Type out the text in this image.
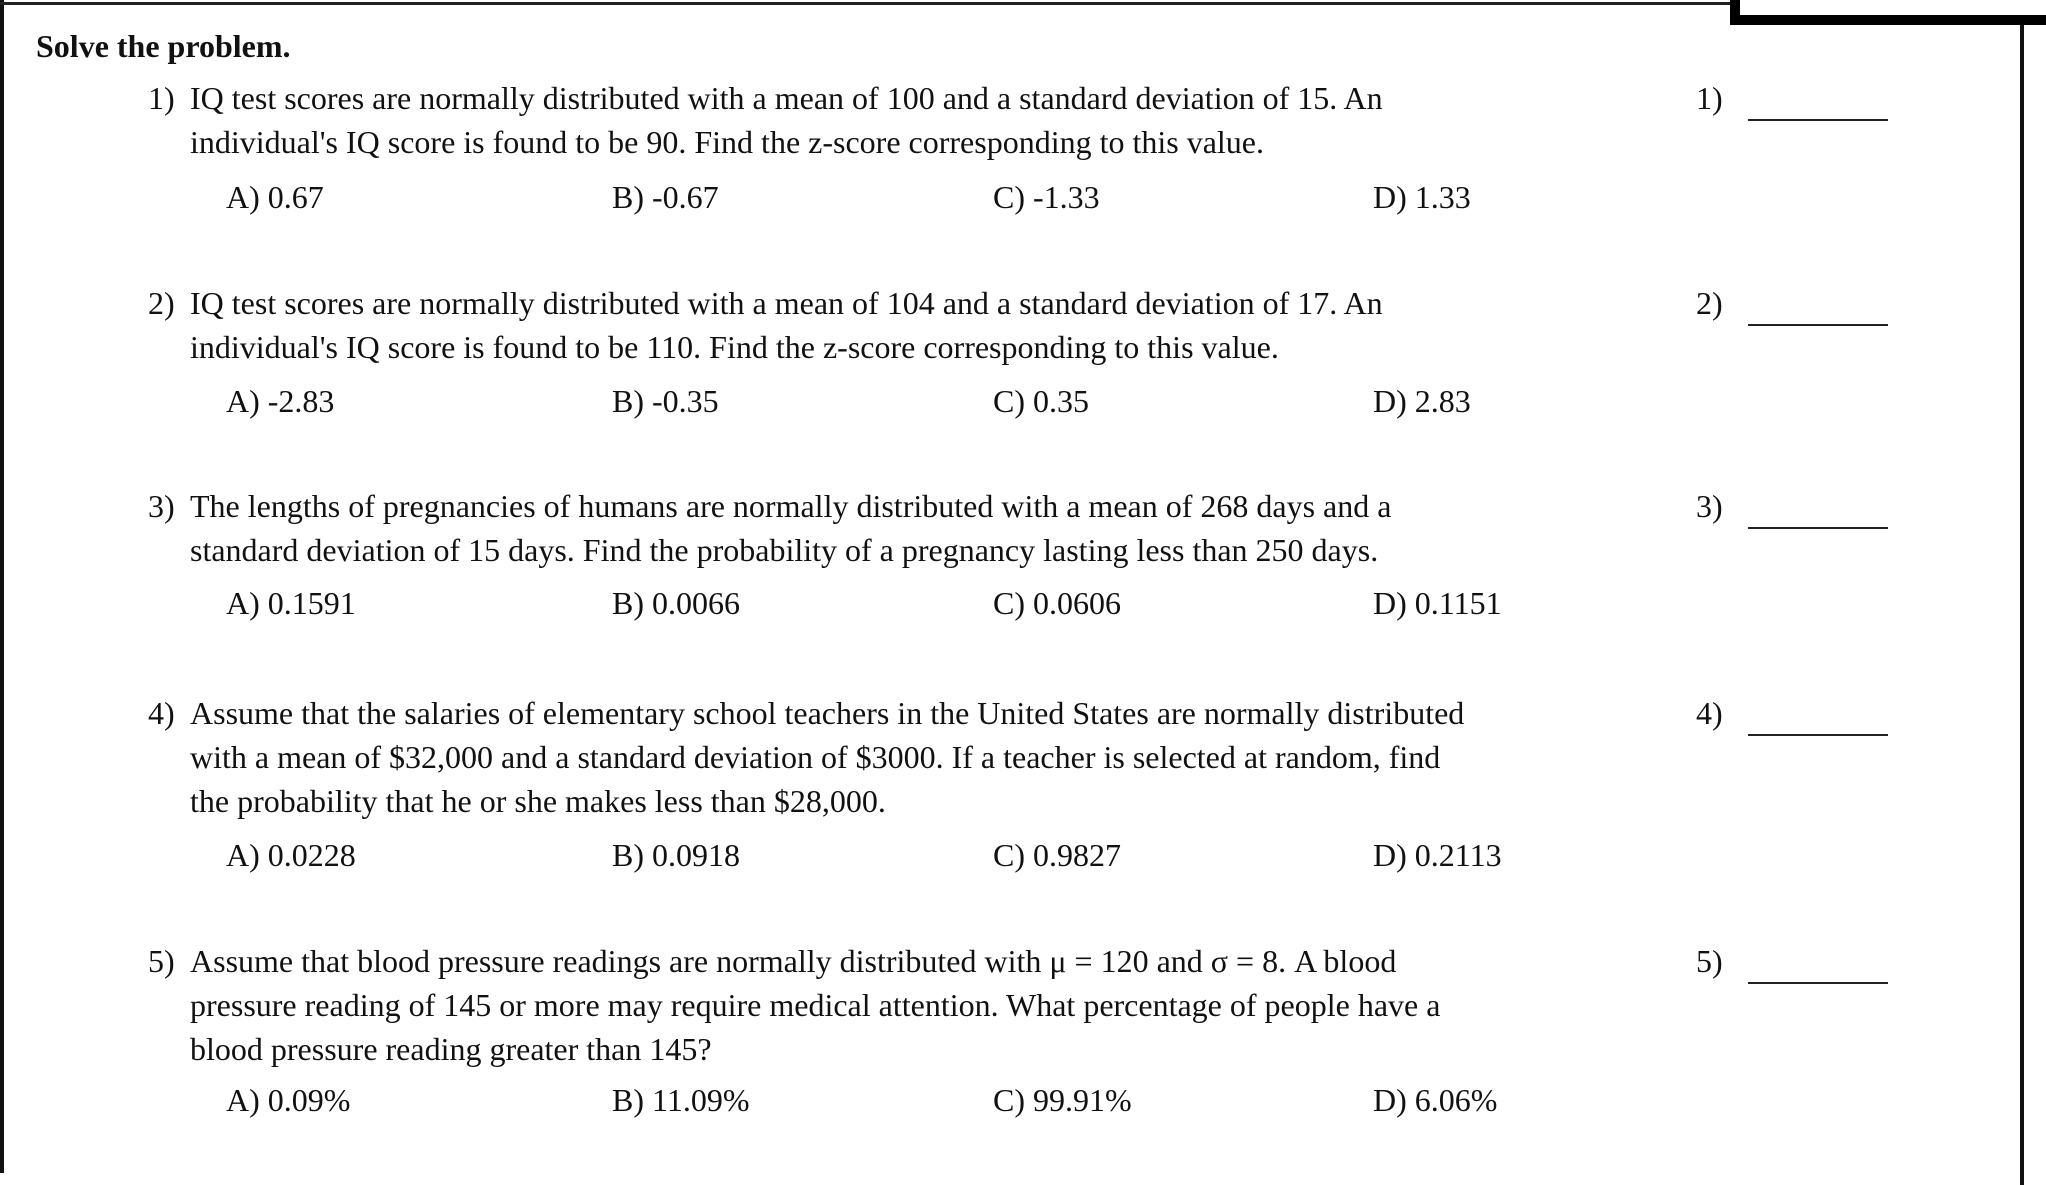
Solve the problem.
1) IQ test scores are normally distributed with a mean of 100 and a standard deviation of 15. An
individual's IQ score is found to be 90. Find the z-score corresponding to this value.
A) 0.67	B) -0.67	C) -1.33	D) 1.33
1)
2) IQ test scores are normally distributed with a mean of 104 and a standard deviation of 17. An
individual's IQ score is found to be 110. Find the z-score corresponding to this value.
A) -2.83	B) -0.35	C) 0.35	D) 2.83
2)
3) The lengths of pregnancies of humans are normally distributed with a mean of 268 days and a
standard deviation of 15 days. Find the probability of a pregnancy lasting less than 250 days.
A) 0.1591	B) 0.0066	C) 0.0606	D) 0.1151
3)
4) Assume that the salaries of elementary school teachers in the United States are normally distributed
with a mean of $32,000 and a standard deviation of $3000. If a teacher is selected at random, find
the probability that he or she makes less than $28,000.
A) 0.0228	B) 0.0918	C) 0.9827	D) 0.2113
4)
5) Assume that blood pressure readings are normally distributed with μ = 120 and σ = 8. A blood
pressure reading of 145 or more may require medical attention. What percentage of people have a
blood pressure reading greater than 145?
A) 0.09%	B) 11.09%	C) 99.91%	D) 6.06%
5)
